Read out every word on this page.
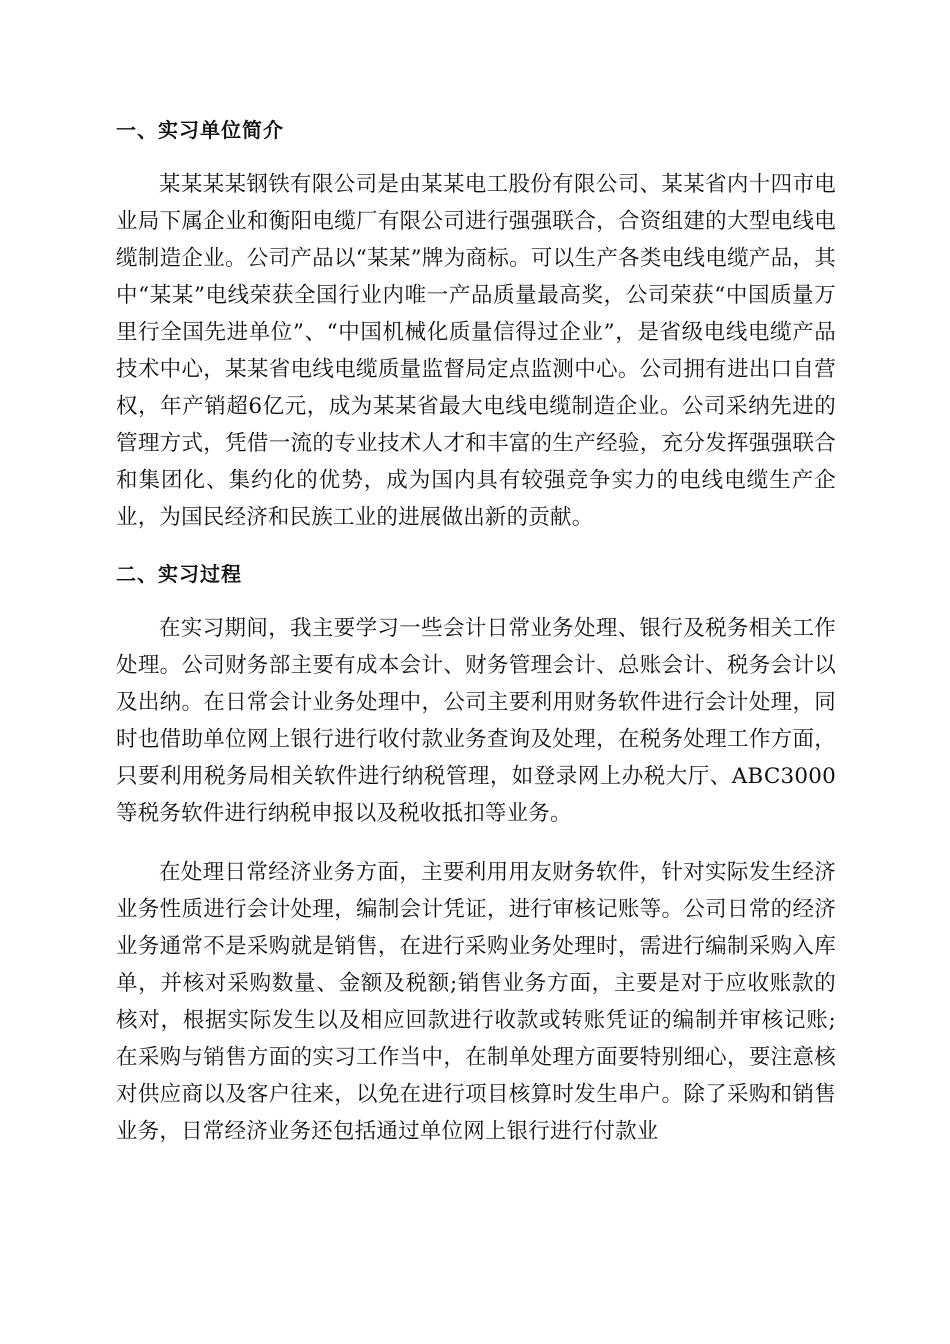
一、实习单位简介

某某某某钢铁有限公司是由某某电工股份有限公司、某某省内十四市电业局下属企业和衡阳电缆厂有限公司进行强强联合，合资组建的大型电线电缆制造企业。公司产品以“某某”牌为商标。可以生产各类电线电缆产品，其中“某某”电线荣获全国行业内唯一产品质量最高奖，公司荣获“中国质量万里行全国先进单位”、“中国机械化质量信得过企业”，是省级电线电缆产品技术中心，某某省电线电缆质量监督局定点监测中心。公司拥有进出口自营权，年产销超6亿元，成为某某省最大电线电缆制造企业。公司采纳先进的管理方式，凭借一流的专业技术人才和丰富的生产经验，充分发挥强强联合和集团化、集约化的优势，成为国内具有较强竞争实力的电线电缆生产企业，为国民经济和民族工业的进展做出新的贡献。

二、实习过程

在实习期间，我主要学习一些会计日常业务处理、银行及税务相关工作处理。公司财务部主要有成本会计、财务管理会计、总账会计、税务会计以及出纳。在日常会计业务处理中，公司主要利用财务软件进行会计处理，同时也借助单位网上银行进行收付款业务查询及处理，在税务处理工作方面，只要利用税务局相关软件进行纳税管理，如登录网上办税大厅、ABC3000等税务软件进行纳税申报以及税收抵扣等业务。

在处理日常经济业务方面，主要利用用友财务软件，针对实际发生经济业务性质进行会计处理，编制会计凭证，进行审核记账等。公司日常的经济业务通常不是采购就是销售，在进行采购业务处理时，需进行编制采购入库单，并核对采购数量、金额及税额;销售业务方面，主要是对于应收账款的核对，根据实际发生以及相应回款进行收款或转账凭证的编制并审核记账;在采购与销售方面的实习工作当中，在制单处理方面要特别细心，要注意核对供应商以及客户往来，以免在进行项目核算时发生串户。除了采购和销售业务，日常经济业务还包括通过单位网上银行进行付款业
